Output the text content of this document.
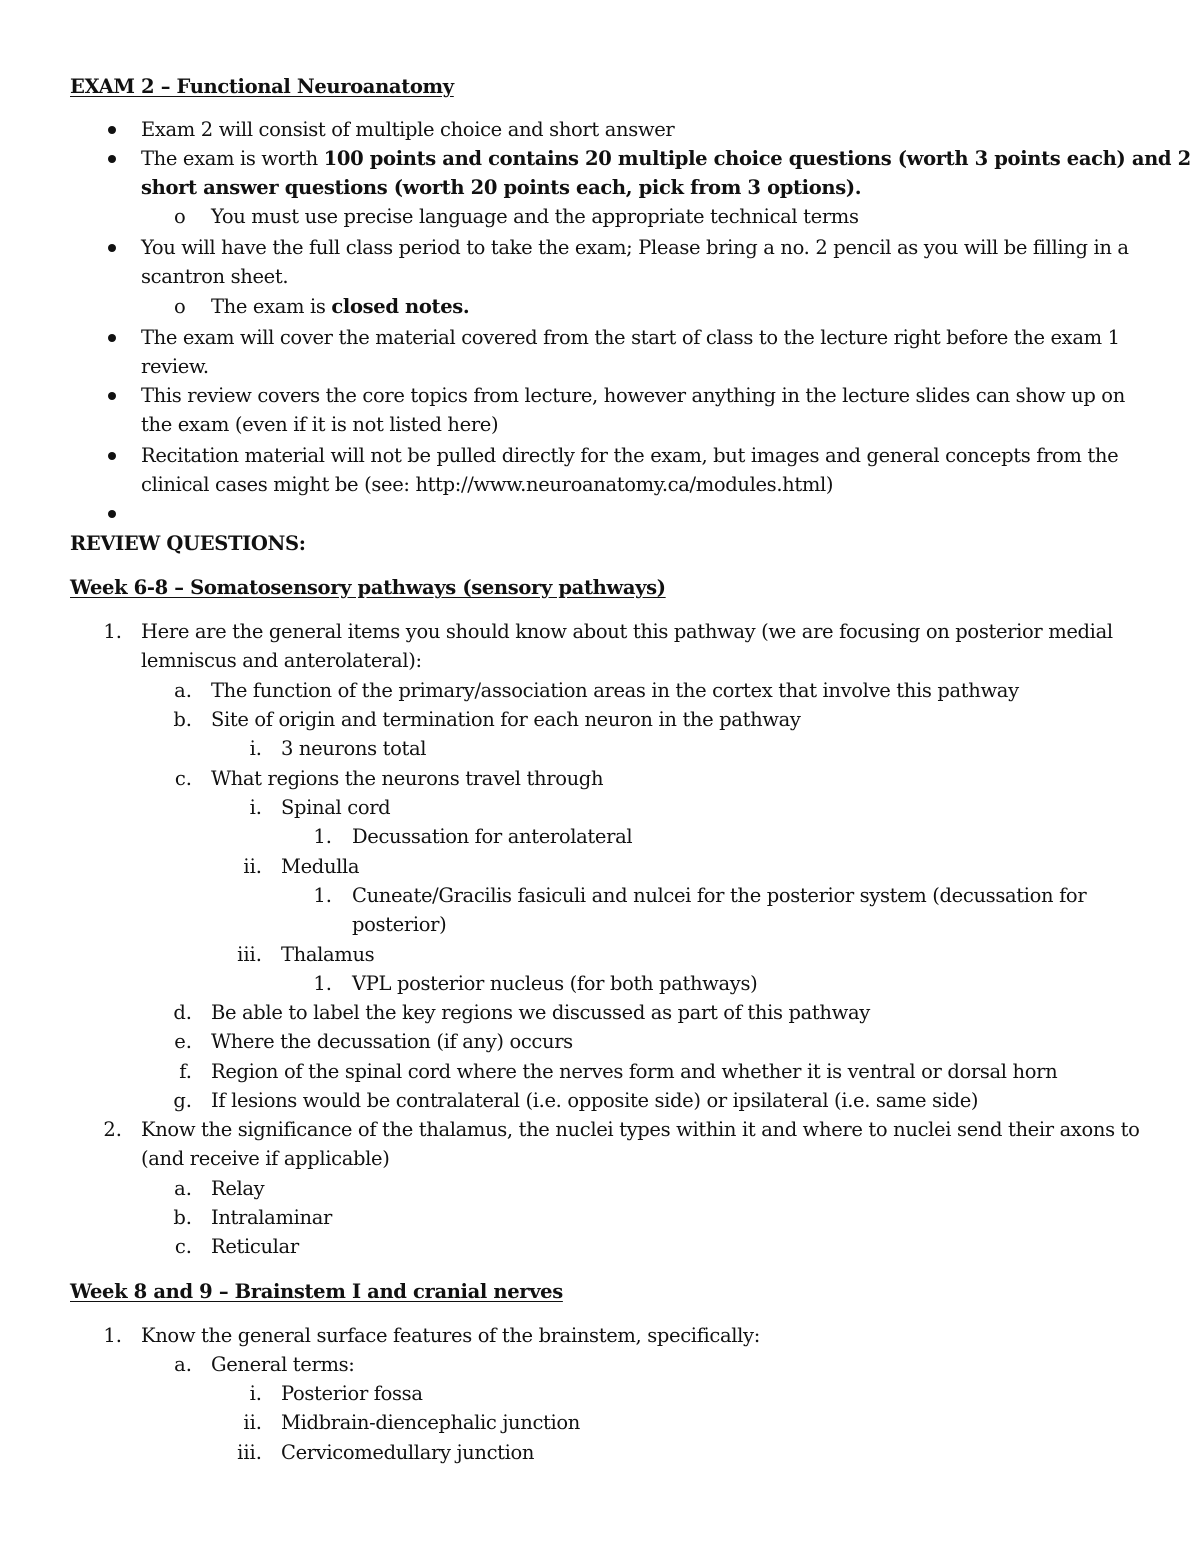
EXAM 2 – Functional Neuroanatomy
Exam 2 will consist of multiple choice and short answer
The exam is worth 100 points and contains 20 multiple choice questions (worth 3 points each) and 2
short answer questions (worth 20 points each, pick from 3 options).
o You must use precise language and the appropriate technical terms
You will have the full class period to take the exam; Please bring a no. 2 pencil as you will be filling in a
scantron sheet.
o The exam is closed notes.
The exam will cover the material covered from the start of class to the lecture right before the exam 1
review.
This review covers the core topics from lecture, however anything in the lecture slides can show up on
the exam (even if it is not listed here)
Recitation material will not be pulled directly for the exam, but images and general concepts from the
clinical cases might be (see: http://www.neuroanatomy.ca/modules.html)
REVIEW QUESTIONS:
Week 6-8 – Somatosensory pathways (sensory pathways)
1. Here are the general items you should know about this pathway (we are focusing on posterior medial
lemniscus and anterolateral):
a. The function of the primary/association areas in the cortex that involve this pathway
b. Site of origin and termination for each neuron in the pathway
i. 3 neurons total
c. What regions the neurons travel through
i. Spinal cord
1. Decussation for anterolateral
ii. Medulla
1. Cuneate/Gracilis fasiculi and nulcei for the posterior system (decussation for
posterior)
iii. Thalamus
1. VPL posterior nucleus (for both pathways)
d. Be able to label the key regions we discussed as part of this pathway
e. Where the decussation (if any) occurs
f. Region of the spinal cord where the nerves form and whether it is ventral or dorsal horn
g. If lesions would be contralateral (i.e. opposite side) or ipsilateral (i.e. same side)
2. Know the significance of the thalamus, the nuclei types within it and where to nuclei send their axons to
(and receive if applicable)
a. Relay
b. Intralaminar
c. Reticular
Week 8 and 9 – Brainstem I and cranial nerves
1. Know the general surface features of the brainstem, specifically:
a. General terms:
i. Posterior fossa
ii. Midbrain-diencephalic junction
iii. Cervicomedullary junction
